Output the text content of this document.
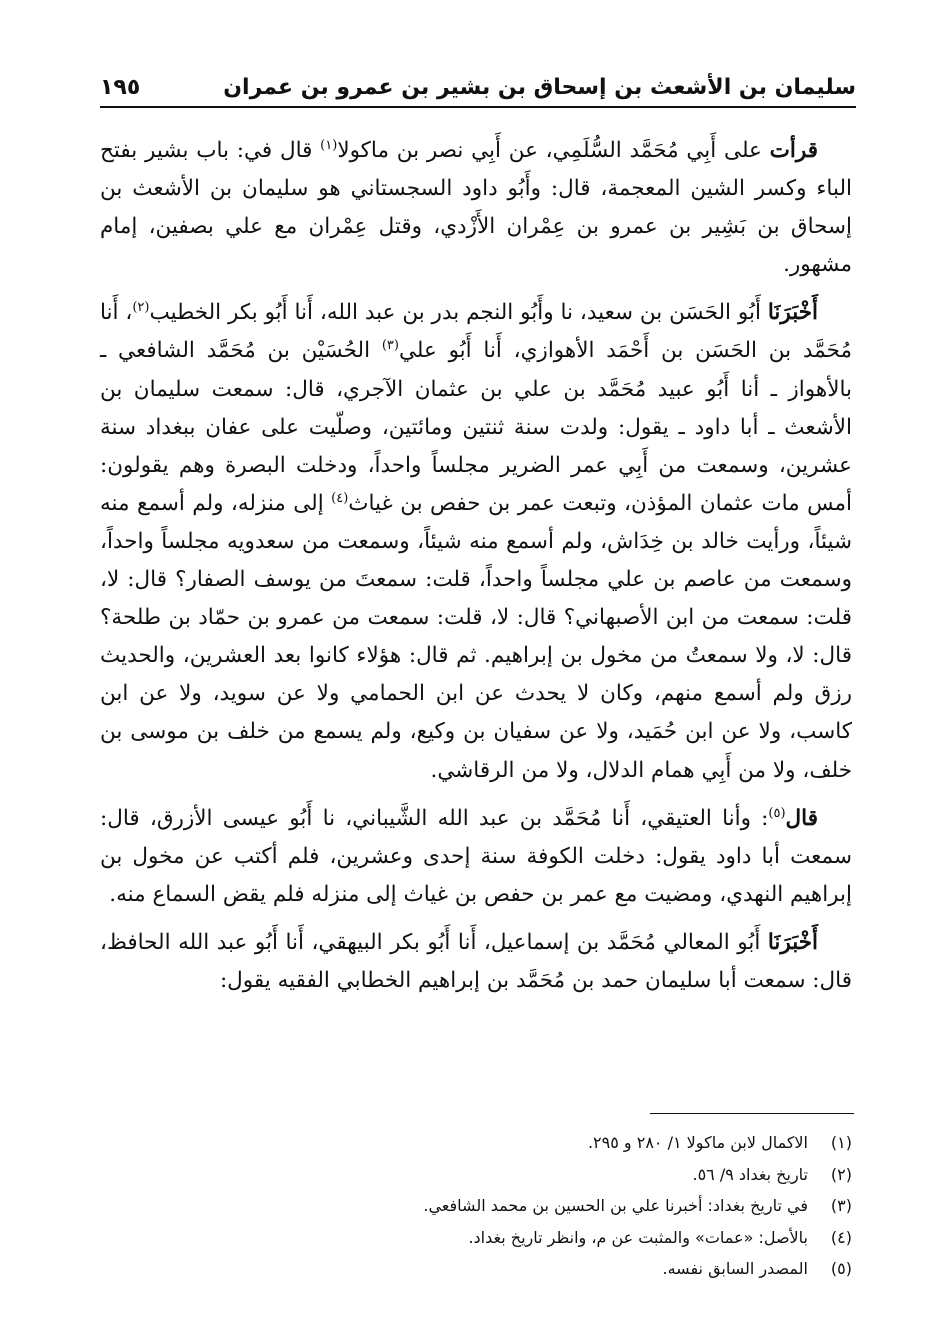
سليمان بن الأشعث بن إسحاق بن بشير بن عمرو بن عمران
١٩٥

قرأت على أَبِي مُحَمَّد السُّلَمِي، عن أَبِي نصر بن ماكولا$^{(١)}$ قال في: باب بشير بفتح الباء وكسر الشين المعجمة، قال: وأَبُو داود السجستاني هو سليمان بن الأشعث بن إسحاق بن بَشِير بن عمرو بن عِمْران الأَزْدي، وقتل عِمْران مع علي بصفين، إمام مشهور.

أَخْبَرَنَا أَبُو الحَسَن بن سعيد، نا وأَبُو النجم بدر بن عبد الله، أَنا أَبُو بكر الخطيب$^{(٢)}$، أَنا مُحَمَّد بن الحَسَن بن أَحْمَد الأهوازي، أَنا أَبُو علي$^{(٣)}$ الحُسَيْن بن مُحَمَّد الشافعي ـ بالأهواز ـ أنا أَبُو عبيد مُحَمَّد بن علي بن عثمان الآجري، قال: سمعت سليمان بن الأشعث ـ أبا داود ـ يقول: ولدت سنة ثنتين ومائتين، وصلّيت على عفان ببغداد سنة عشرين، وسمعت من أَبِي عمر الضرير مجلساً واحداً، ودخلت البصرة وهم يقولون: أمس مات عثمان المؤذن، وتبعت عمر بن حفص بن غياث$^{(٤)}$ إلى منزله، ولم أسمع منه شيئاً، ورأيت خالد بن خِدَاش، ولم أسمع منه شيئاً، وسمعت من سعدويه مجلساً واحداً، وسمعت من عاصم بن علي مجلساً واحداً، قلت: سمعتَ من يوسف الصفار؟ قال: لا، قلت: سمعت من ابن الأصبهاني؟ قال: لا، قلت: سمعت من عمرو بن حمّاد بن طلحة؟ قال: لا، ولا سمعتُ من مخول بن إبراهيم. ثم قال: هؤلاء كانوا بعد العشرين، والحديث رزق ولم أسمع منهم، وكان لا يحدث عن ابن الحمامي ولا عن سويد، ولا عن ابن كاسب، ولا عن ابن حُمَيد، ولا عن سفيان بن وكيع، ولم يسمع من خلف بن موسى بن خلف، ولا من أَبِي همام الدلال، ولا من الرقاشي.

قال$^{(٥)}$: وأنا العتيقي، أَنا مُحَمَّد بن عبد الله الشَّيباني، نا أَبُو عيسى الأزرق، قال: سمعت أبا داود يقول: دخلت الكوفة سنة إحدى وعشرين، فلم أكتب عن مخول بن إبراهيم النهدي، ومضيت مع عمر بن حفص بن غياث إلى منزله فلم يقض السماع منه.

أَخْبَرَنَا أَبُو المعالي مُحَمَّد بن إسماعيل، أَنا أَبُو بكر البيهقي، أَنا أَبُو عبد الله الحافظ، قال: سمعت أبا سليمان حمد بن مُحَمَّد بن إبراهيم الخطابي الفقيه يقول:

(١)
الاكمال لابن ماكولا ١/ ٢٨٠ و ٢٩٥.
(٢)
تاريخ بغداد ٩/ ٥٦.
(٣)
في تاريخ بغداد: أخبرنا علي بن الحسين بن محمد الشافعي.
(٤)
بالأصل: «عمات» والمثبت عن م، وانظر تاريخ بغداد.
(٥)
المصدر السابق نفسه.
